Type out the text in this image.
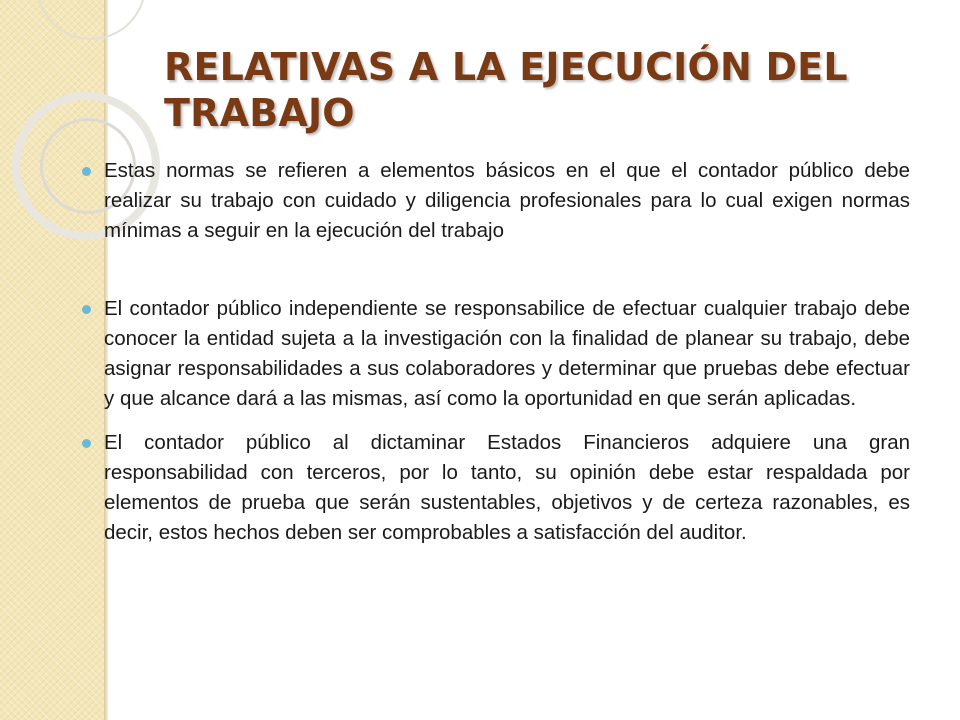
RELATIVAS A LA EJECUCIÓN DEL TRABAJO
Estas normas se refieren a elementos básicos en el que el contador público debe realizar su trabajo con cuidado y diligencia profesionales para lo cual exigen normas mínimas a seguir en la ejecución del trabajo
El contador público independiente se responsabilice de efectuar cualquier trabajo debe conocer la entidad sujeta a la investigación con la finalidad de planear su trabajo, debe asignar responsabilidades a sus colaboradores y determinar que pruebas debe efectuar y que alcance dará a las mismas, así como la oportunidad en que serán aplicadas.
El contador público al dictaminar Estados Financieros adquiere una gran responsabilidad con terceros, por lo tanto, su opinión debe estar respaldada por elementos de prueba que serán sustentables, objetivos y de certeza razonables, es decir, estos hechos deben ser comprobables a satisfacción del auditor.
